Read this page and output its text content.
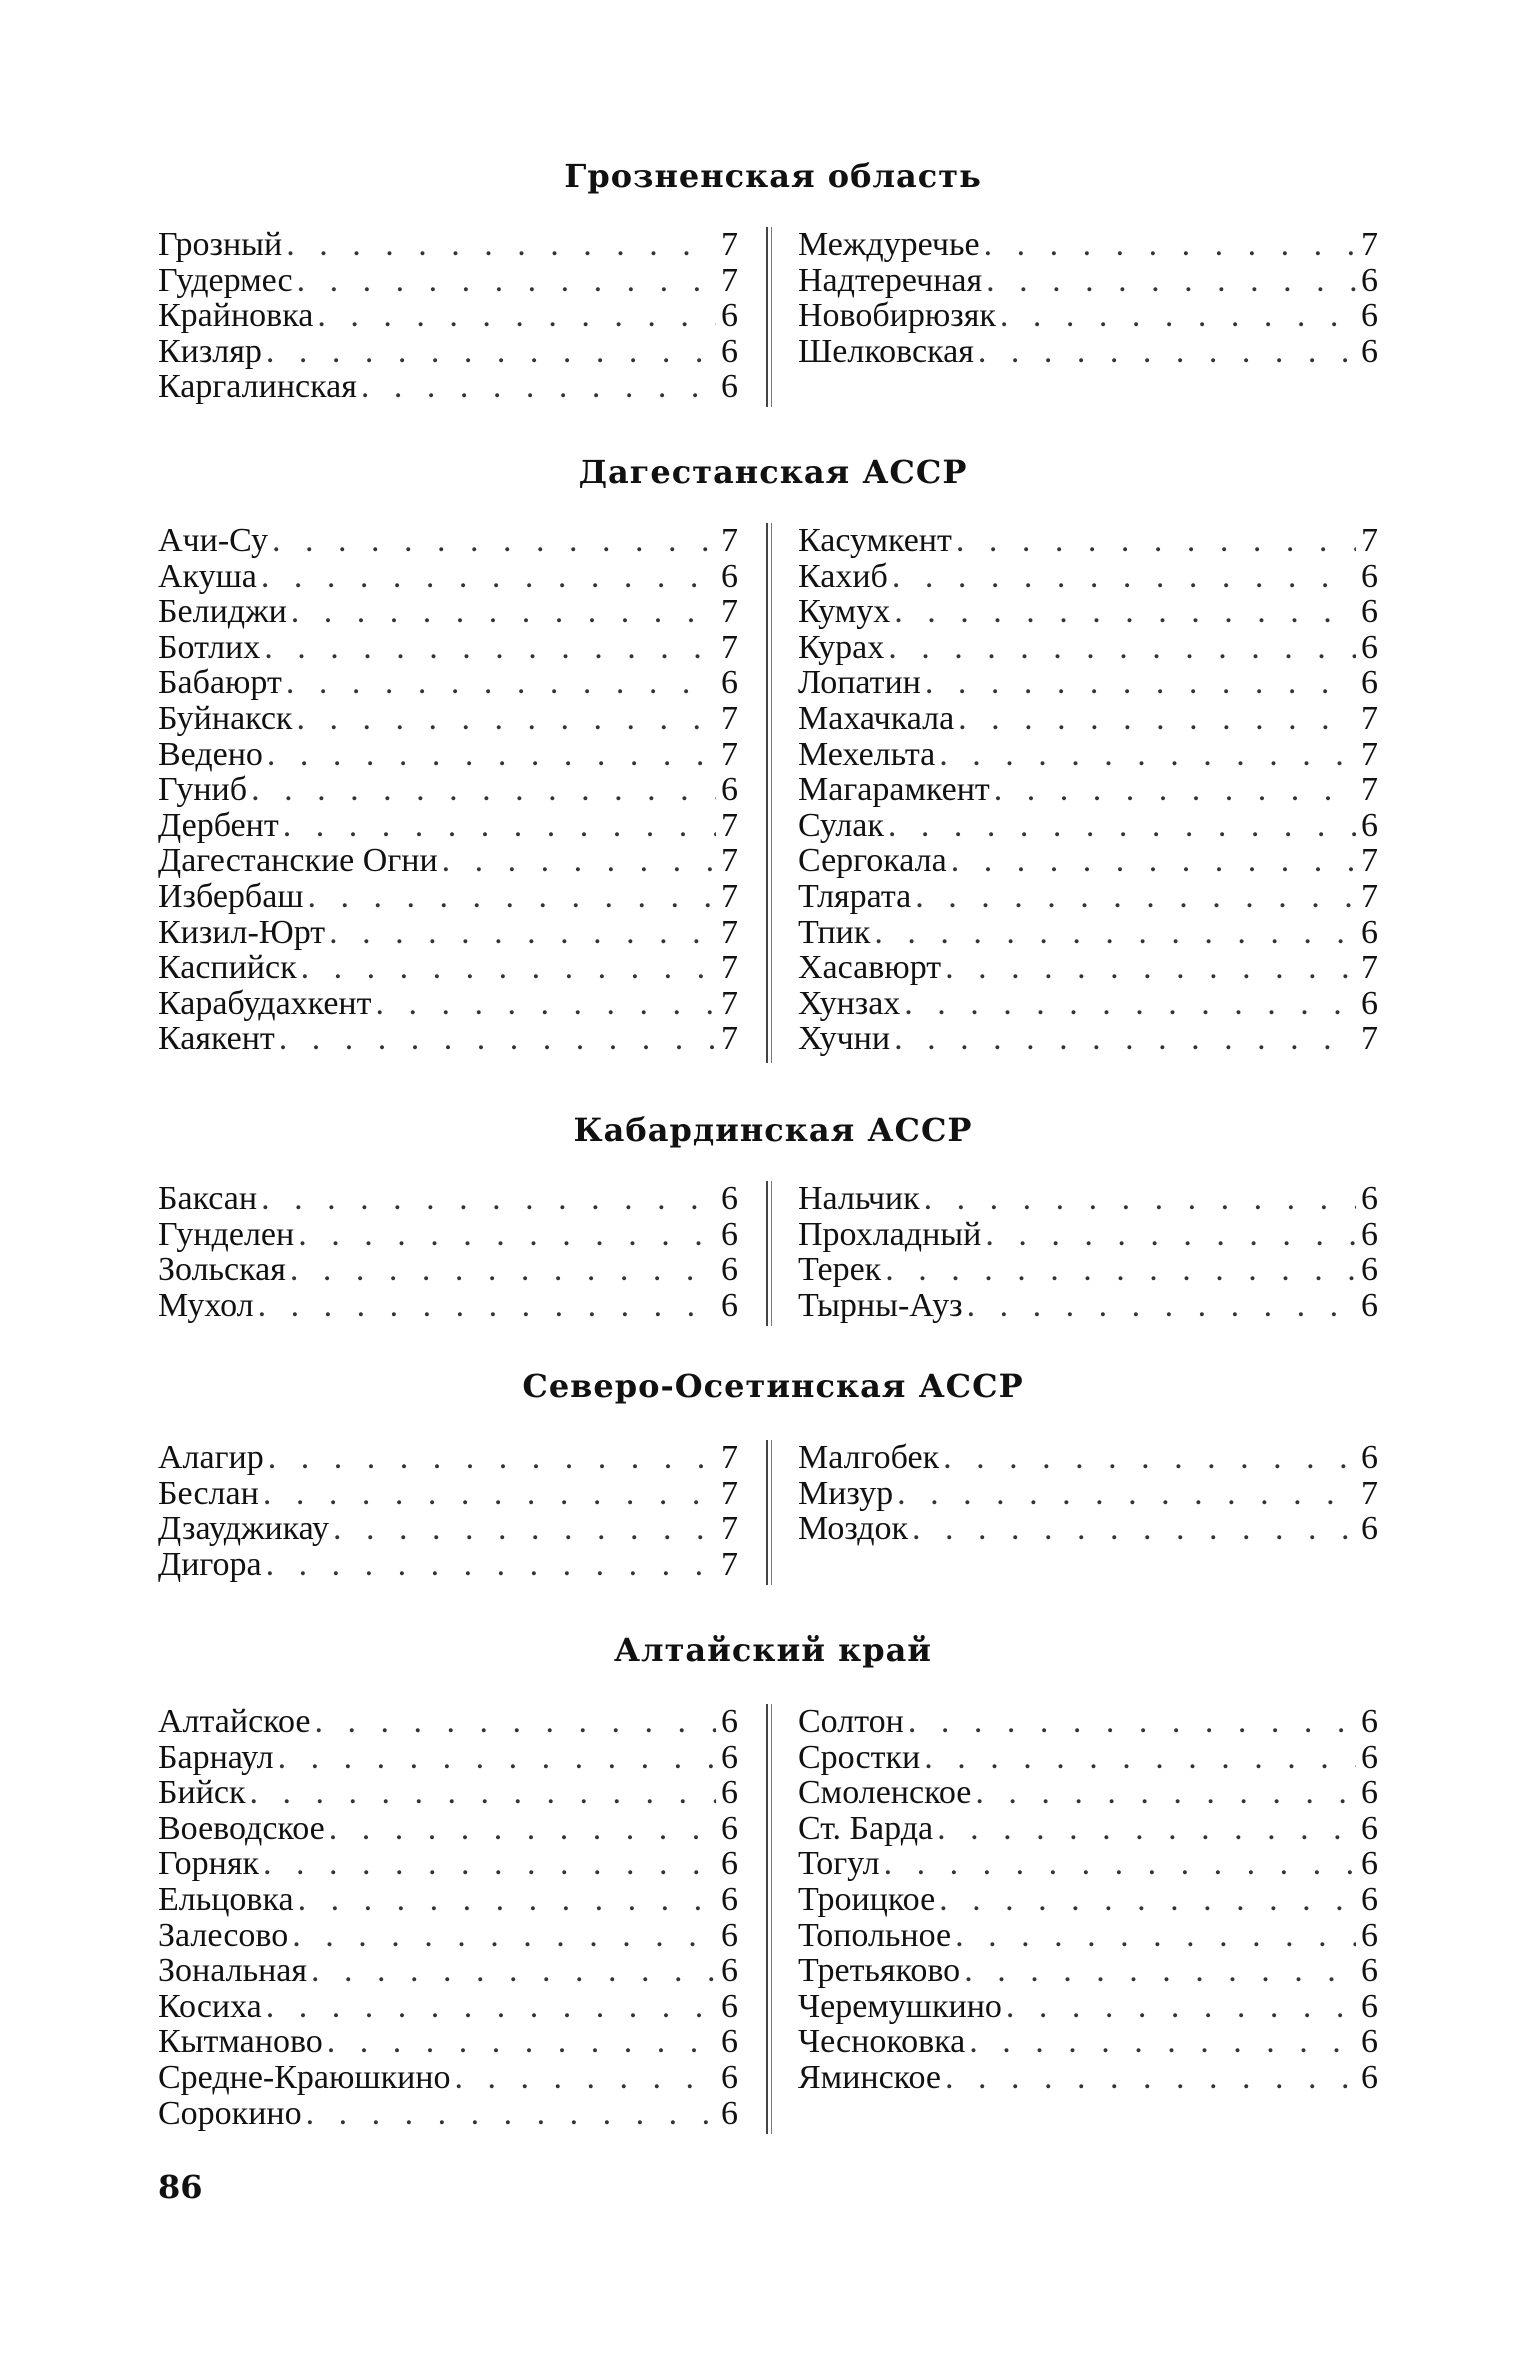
Грозненская область
Грозный . . .	7
Гудермес . . .	7
Крайновка . . .	6
Кизляр . . .	6
Каргалинская . . .	6
Междуречье . . .	7
Надтеречная . . .	6
Новобирюзяк . . .	6
Шелковская . . .	6
Дагестанская АССР
Ачи-Су . . .	7
Акуша . . .	6
Белиджи . . .	7
Ботлих . . .	7
Бабаюрт . . .	6
Буйнакск . . .	7
Ведено . . .	7
Гуниб . . .	6
Дербент . . .	7
Дагестанские Огни . . .	7
Избербаш . . .	7
Кизил-Юрт . . .	7
Каспийск . . .	7
Карабудахкент . . .	7
Каякент . . .	7
Касумкент . . .	7
Кахиб . . .	6
Кумух . . .	6
Курах . . .	6
Лопатин . . .	6
Махачкала . . .	7
Мехельта . . .	7
Магарамкент . . .	7
Сулак . . .	6
Сергокала . . .	7
Тлярата . . .	7
Тпик . . .	6
Хасавюрт . . .	7
Хунзах . . .	6
Хучни . . .	7
Кабардинская АССР
Баксан . . .	6
Гунделен . . .	6
Зольская . . .	6
Мухол . . .	6
Нальчик . . .	6
Прохладный . . .	6
Терек . . .	6
Тырны-Ауз . . .	6
Северо-Осетинская АССР
Алагир . . .	7
Беслан . . .	7
Дзауджикау . . .	7
Дигора . . .	7
Малгобек . . .	6
Мизур . . .	7
Моздок . . .	6
Алтайский край
Алтайское . . .	6
Барнаул . . .	6
Бийск . . .	6
Воеводское . . .	6
Горняк . . .	6
Ельцовка . . .	6
Залесово . . .	6
Зональная . . .	6
Косиха . . .	6
Кытманово . . .	6
Средне-Краюшкино . . .	6
Сорокино . . .	6
Солтон . . .	6
Сростки . . .	6
Смоленское . . .	6
Ст. Барда . . .	6
Тогул . . .	6
Троицкое . . .	6
Топольное . . .	6
Третьяково . . .	6
Черемушкино . . .	6
Чесноковка . . .	6
Яминское . . .	6
86
